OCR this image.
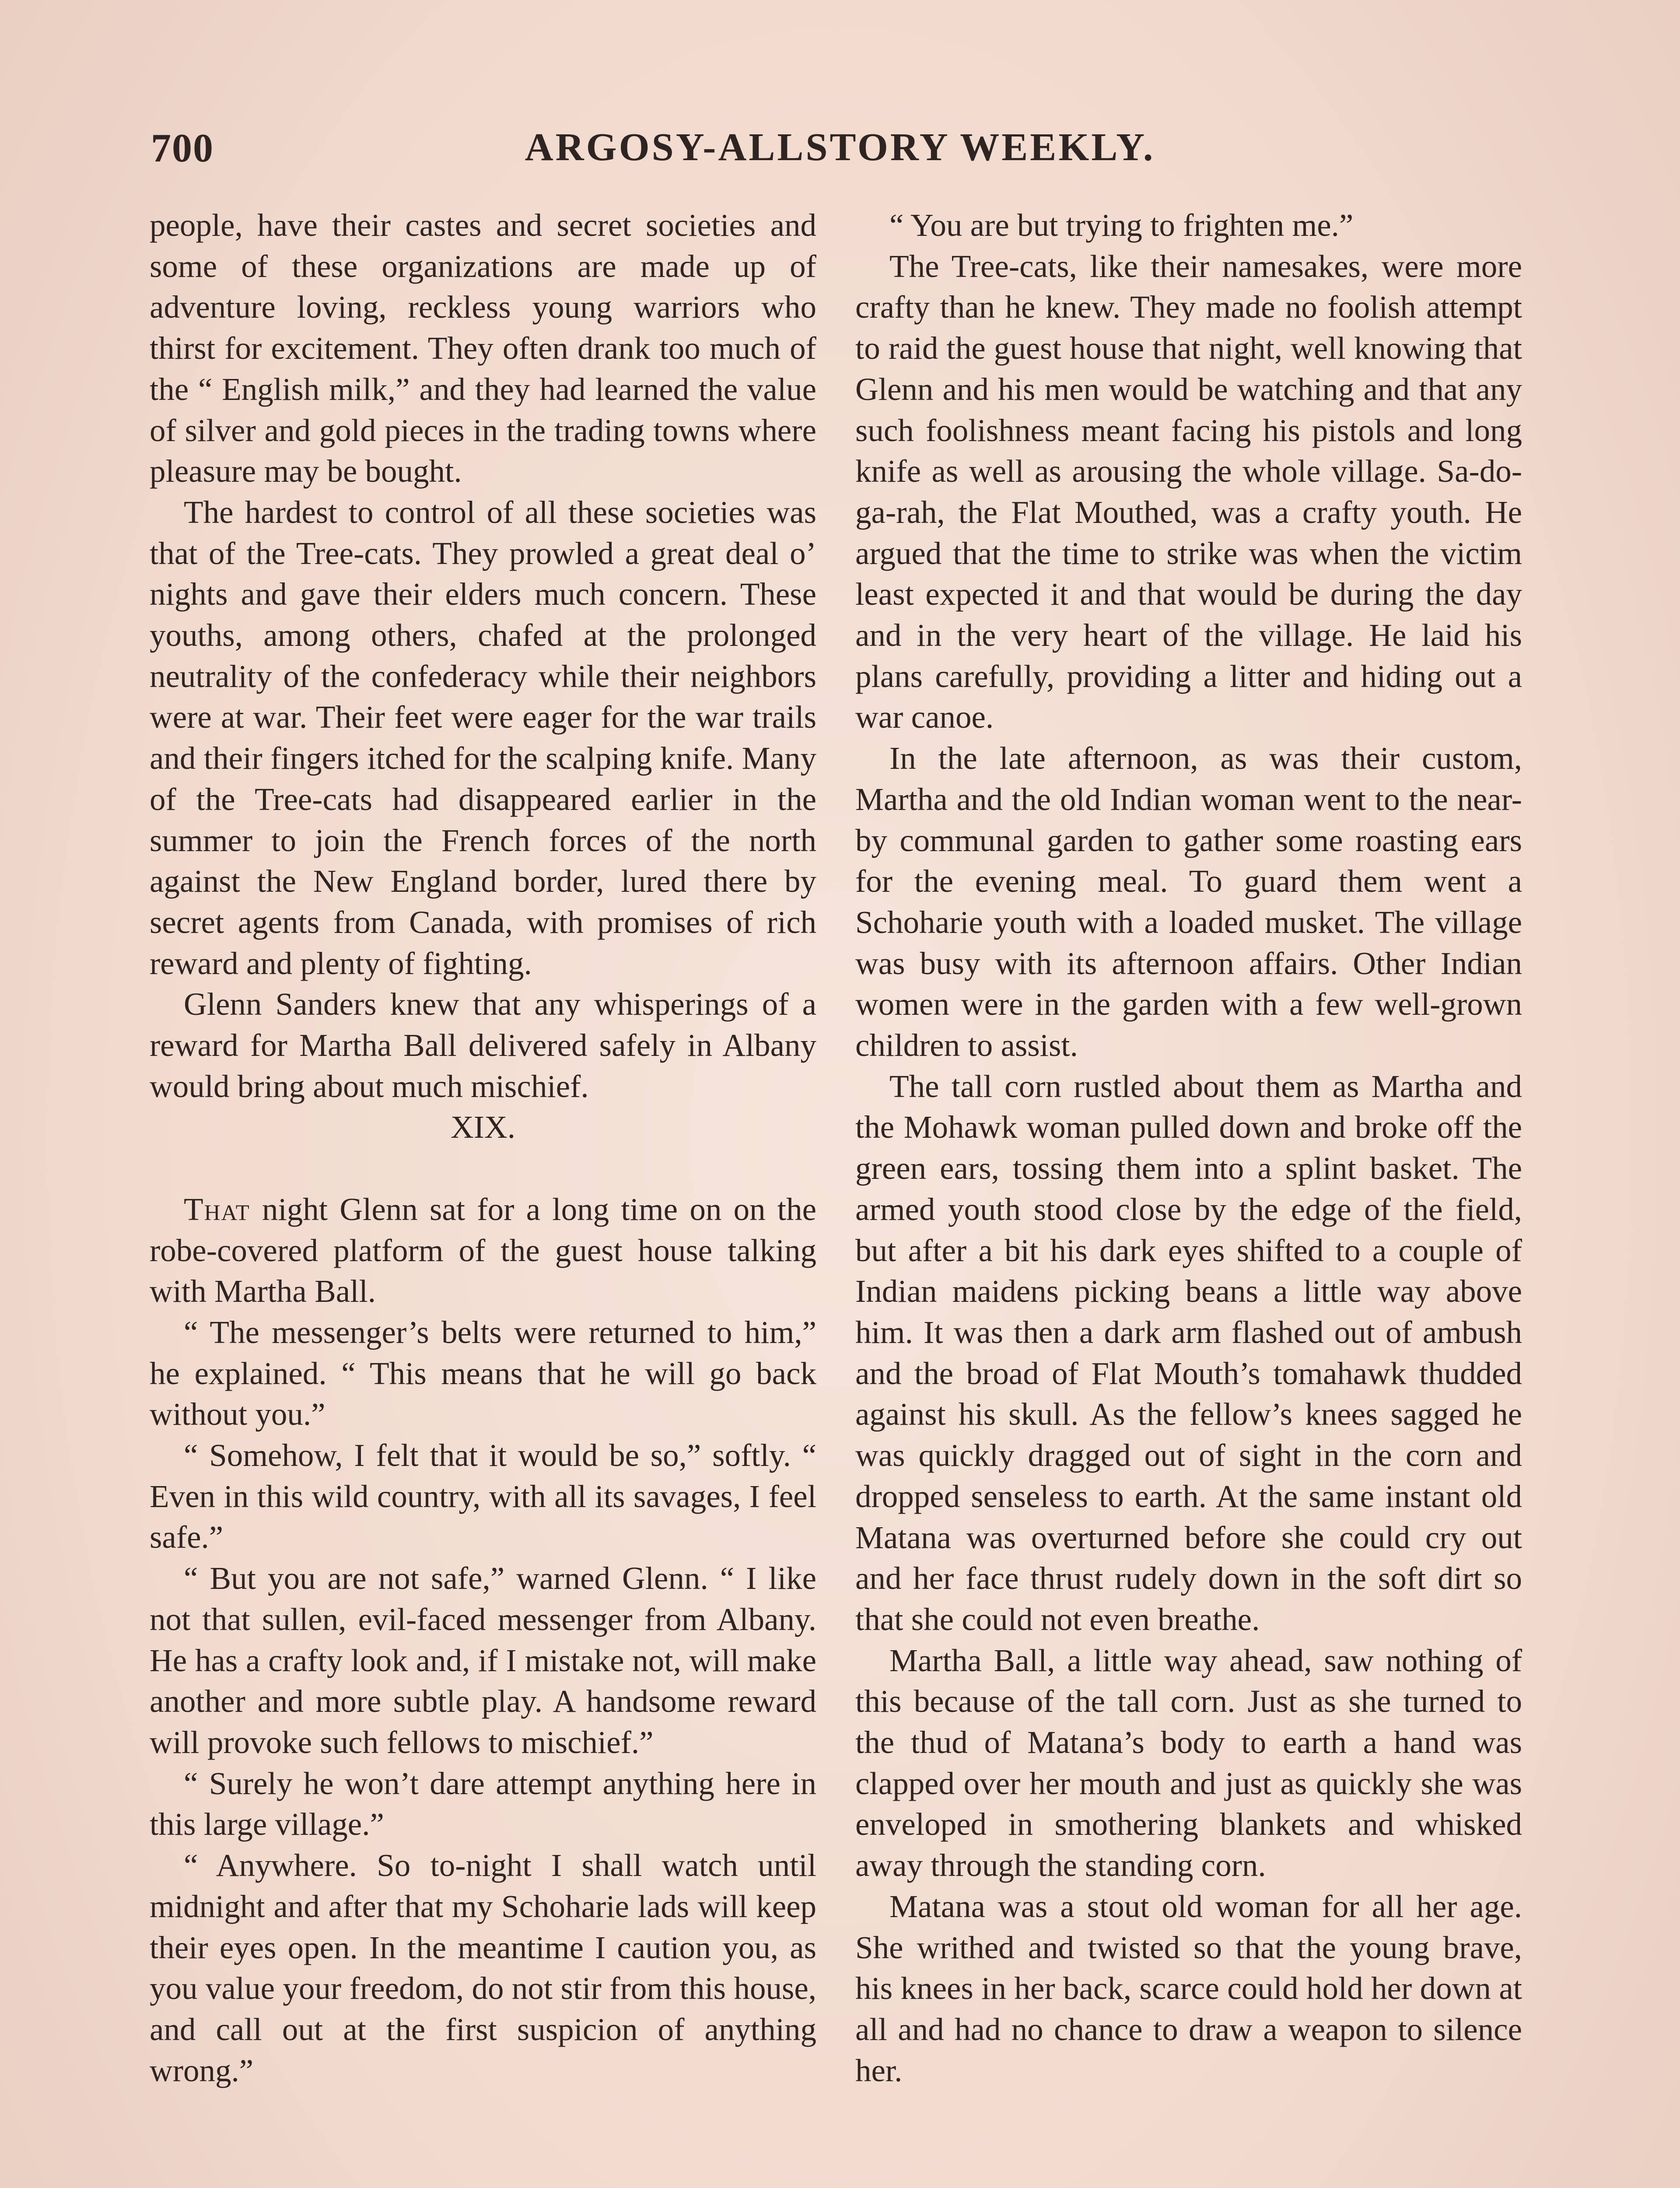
700	ARGOSY-ALLSTORY WEEKLY.

people, have their castes and secret societies and some of these organizations are made up of adventure loving, reckless young warriors who thirst for excitement. They often drank too much of the “ English milk,” and they had learned the value of silver and gold pieces in the trading towns where pleasure may be bought.

The hardest to control of all these societies was that of the Tree-cats. They prowled a great deal o’ nights and gave their elders much concern. These youths, among others, chafed at the prolonged neutrality of the confederacy while their neighbors were at war. Their feet were eager for the war trails and their fingers itched for the scalping knife. Many of the Tree-cats had disappeared earlier in the summer to join the French forces of the north against the New England border, lured there by secret agents from Canada, with promises of rich reward and plenty of fighting.

Glenn Sanders knew that any whisperings of a reward for Martha Ball delivered safely in Albany would bring about much mischief.

XIX.

That night Glenn sat for a long time on on the robe-covered platform of the guest house talking with Martha Ball.

“ The messenger’s belts were returned to him,” he explained. “ This means that he will go back without you.”

“ Somehow, I felt that it would be so,” softly. “ Even in this wild country, with all its savages, I feel safe.”

“ But you are not safe,” warned Glenn. “ I like not that sullen, evil-faced messenger from Albany. He has a crafty look and, if I mistake not, will make another and more subtle play. A handsome reward will provoke such fellows to mischief.”

“ Surely he won’t dare attempt anything here in this large village.”

“ Anywhere. So to-night I shall watch until midnight and after that my Schoharie lads will keep their eyes open. In the meantime I caution you, as you value your freedom, do not stir from this house, and call out at the first suspicion of anything wrong.”

“ You are but trying to frighten me.”

The Tree-cats, like their namesakes, were more crafty than he knew. They made no foolish attempt to raid the guest house that night, well knowing that Glenn and his men would be watching and that any such foolishness meant facing his pistols and long knife as well as arousing the whole village. Sa-do-ga-rah, the Flat Mouthed, was a crafty youth. He argued that the time to strike was when the victim least expected it and that would be during the day and in the very heart of the village. He laid his plans carefully, providing a litter and hiding out a war canoe.

In the late afternoon, as was their custom, Martha and the old Indian woman went to the near-by communal garden to gather some roasting ears for the evening meal. To guard them went a Schoharie youth with a loaded musket. The village was busy with its afternoon affairs. Other Indian women were in the garden with a few well-grown children to assist.

The tall corn rustled about them as Martha and the Mohawk woman pulled down and broke off the green ears, tossing them into a splint basket. The armed youth stood close by the edge of the field, but after a bit his dark eyes shifted to a couple of Indian maidens picking beans a little way above him. It was then a dark arm flashed out of ambush and the broad of Flat Mouth’s tomahawk thudded against his skull. As the fellow’s knees sagged he was quickly dragged out of sight in the corn and dropped senseless to earth. At the same instant old Matana was overturned before she could cry out and her face thrust rudely down in the soft dirt so that she could not even breathe.

Martha Ball, a little way ahead, saw nothing of this because of the tall corn. Just as she turned to the thud of Matana’s body to earth a hand was clapped over her mouth and just as quickly she was enveloped in smothering blankets and whisked away through the standing corn.

Matana was a stout old woman for all her age. She writhed and twisted so that the young brave, his knees in her back, scarce could hold her down at all and had no chance to draw a weapon to silence her.
